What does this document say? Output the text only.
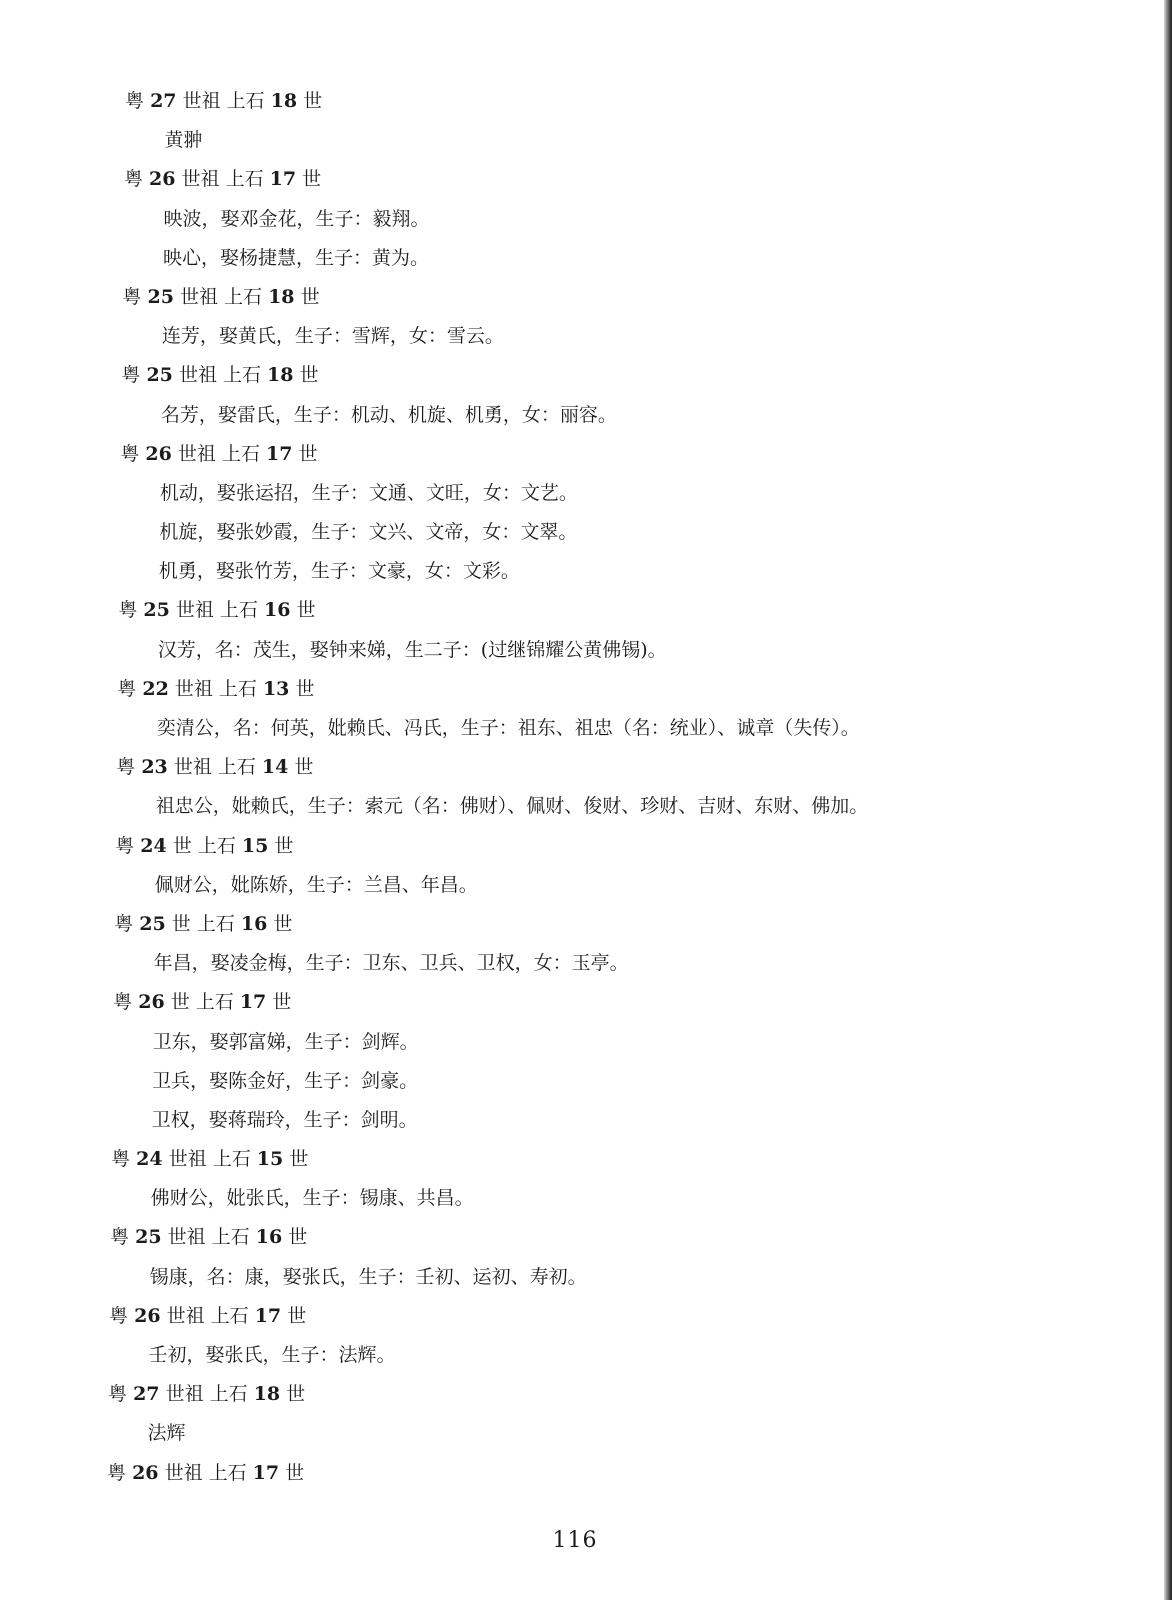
粤 27 世祖 上石 18 世
黄翀
粤 26 世祖 上石 17 世
映波，娶邓金花，生子：毅翔。
映心，娶杨捷慧，生子：黄为。
粤 25 世祖 上石 18 世
连芳，娶黄氏，生子：雪辉，女：雪云。
粤 25 世祖 上石 18 世
名芳，娶雷氏，生子：机动、机旋、机勇，女：丽容。
粤 26 世祖 上石 17 世
机动，娶张运招，生子：文通、文旺，女：文艺。
机旋，娶张妙霞，生子：文兴、文帝，女：文翠。
机勇，娶张竹芳，生子：文豪，女：文彩。
粤 25 世祖 上石 16 世
汉芳，名：茂生，娶钟来娣，生二子：(过继锦耀公黄佛锡)。
粤 22 世祖 上石 13 世
奕清公，名：何英，妣赖氏、冯氏，生子：祖东、祖忠（名：统业）、诚章（失传）。
粤 23 世祖 上石 14 世
祖忠公，妣赖氏，生子：索元（名：佛财）、佩财、俊财、珍财、吉财、东财、佛加。
粤 24 世 上石 15 世
佩财公，妣陈娇，生子：兰昌、年昌。
粤 25 世 上石 16 世
年昌，娶凌金梅，生子：卫东、卫兵、卫权，女：玉亭。
粤 26 世 上石 17 世
卫东，娶郭富娣，生子：剑辉。
卫兵，娶陈金好，生子：剑豪。
卫权，娶蒋瑞玲，生子：剑明。
粤 24 世祖 上石 15 世
佛财公，妣张氏，生子：锡康、共昌。
粤 25 世祖 上石 16 世
锡康，名：康，娶张氏，生子：壬初、运初、寿初。
粤 26 世祖 上石 17 世
壬初，娶张氏，生子：法辉。
粤 27 世祖 上石 18 世
法辉
粤 26 世祖 上石 17 世
116
